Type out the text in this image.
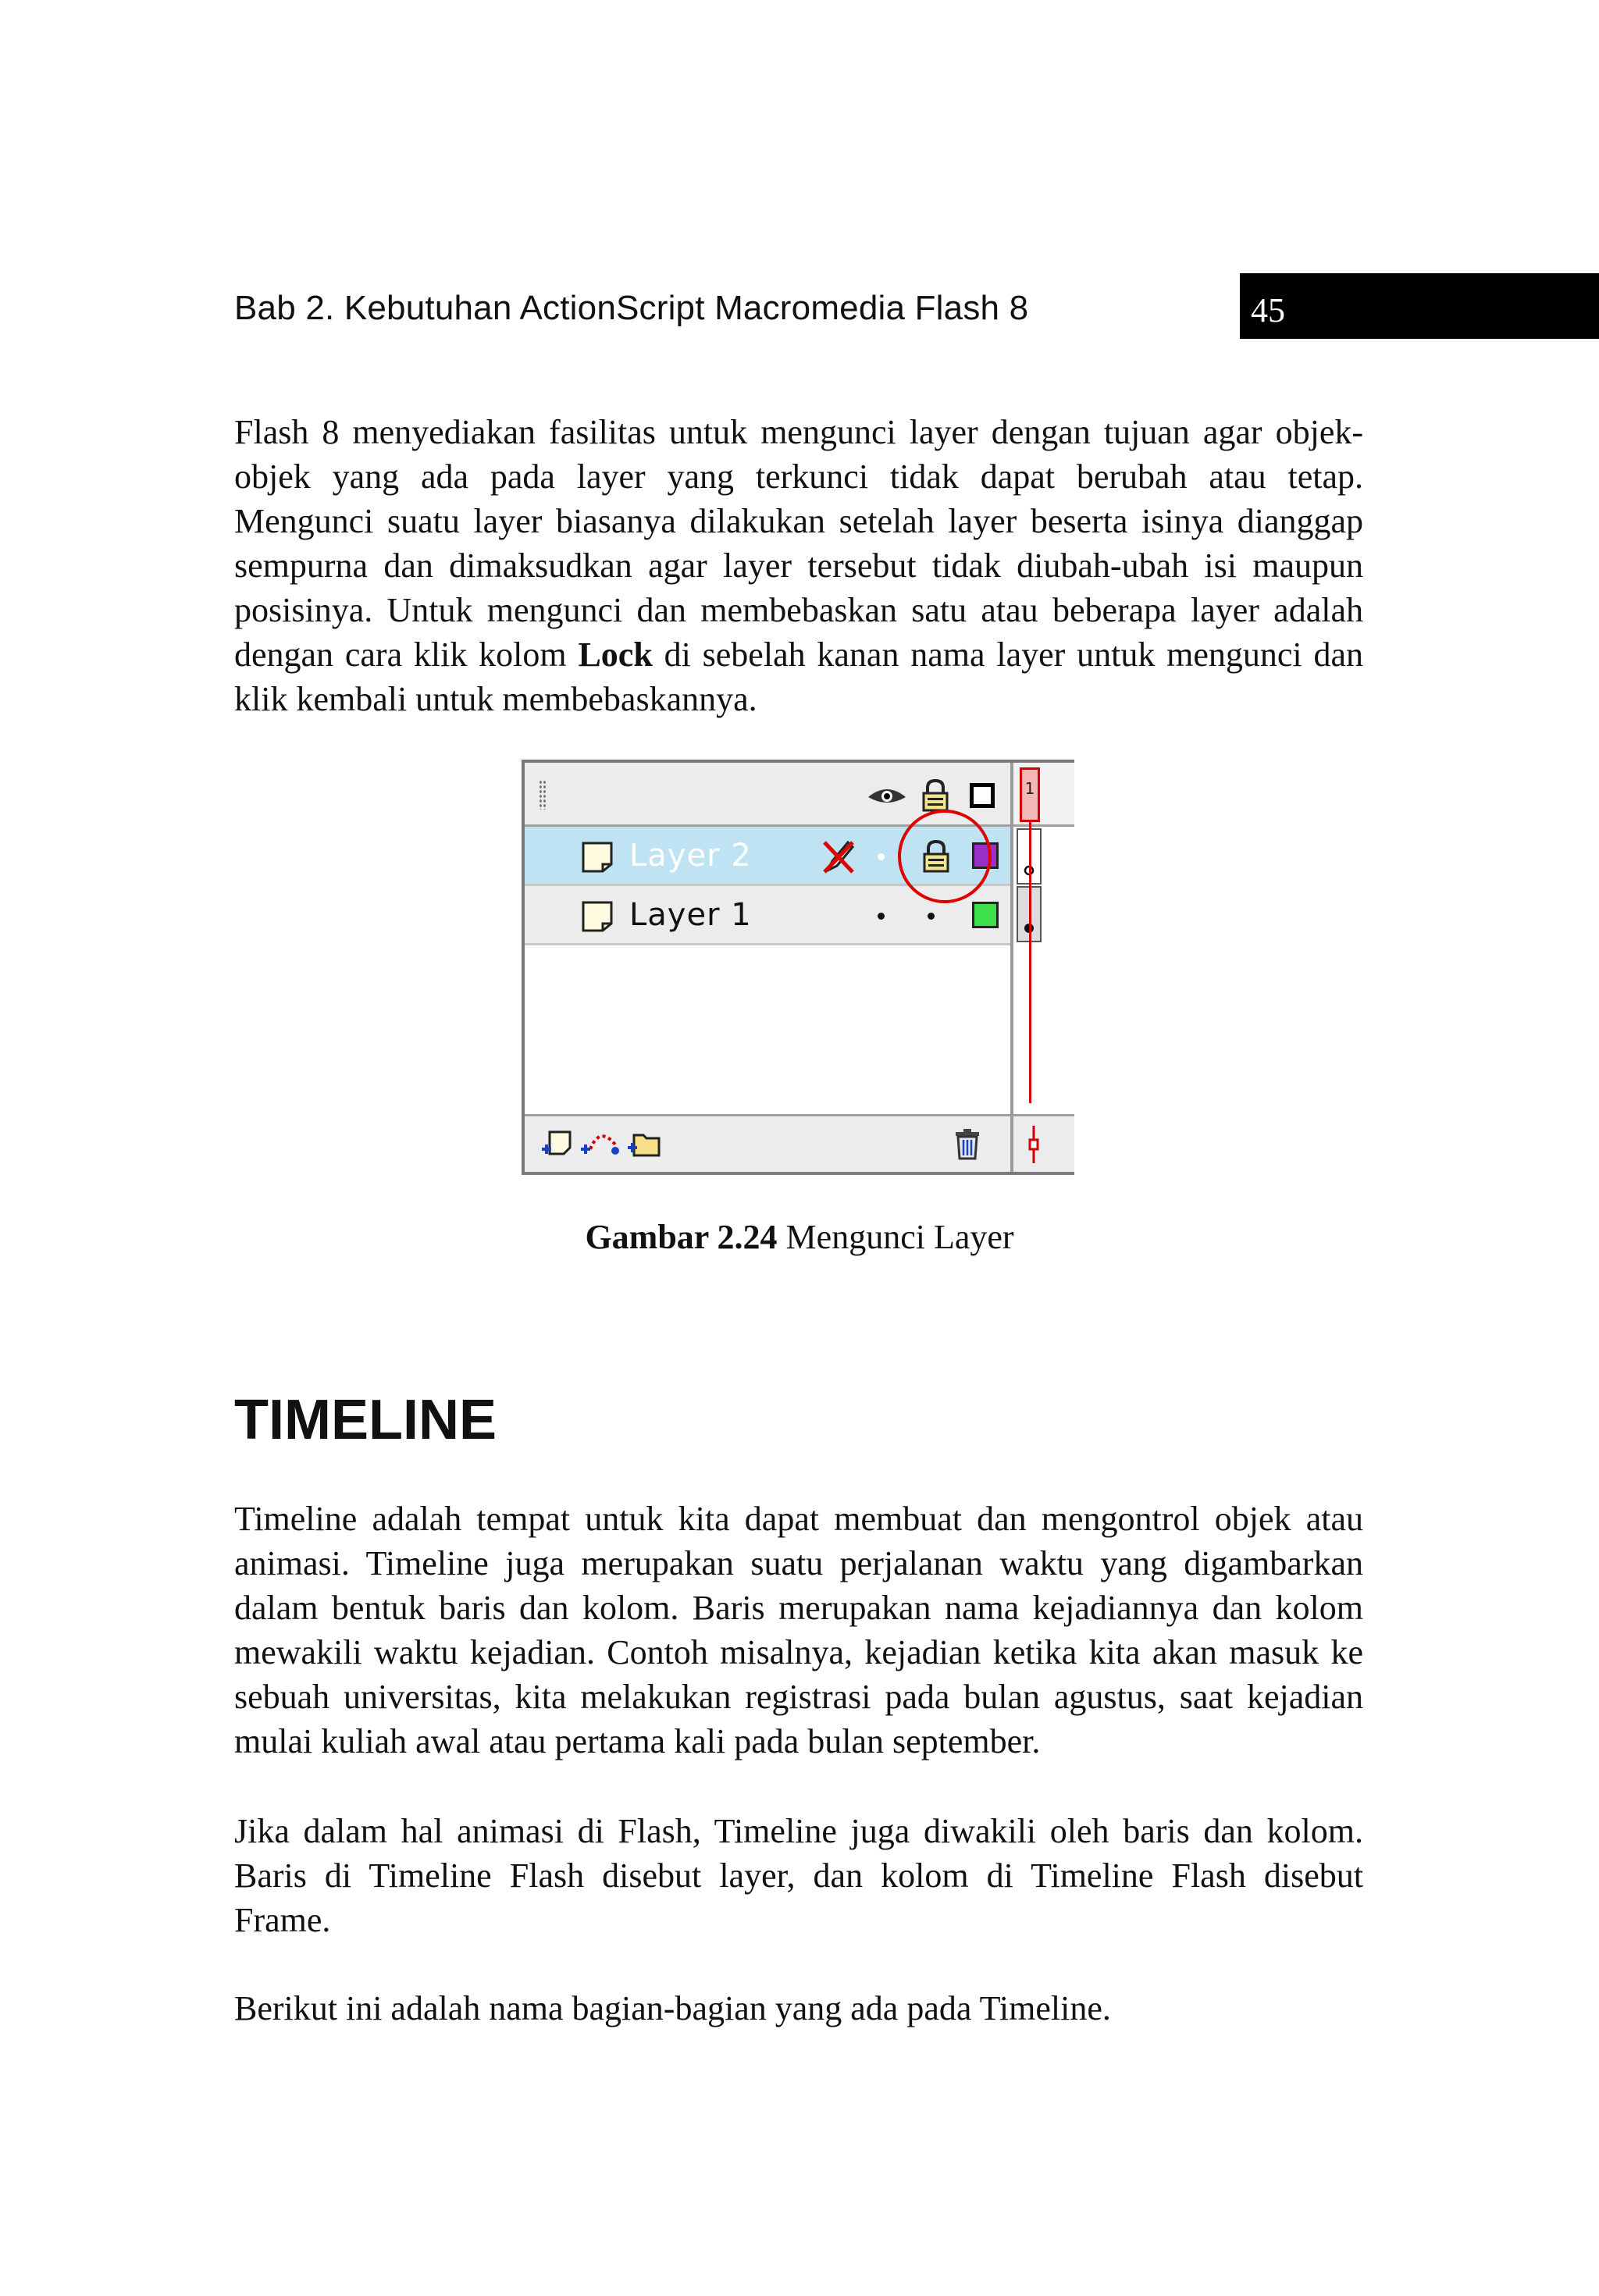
Bab 2. Kebutuhan ActionScript Macromedia Flash 8	45

Flash 8 menyediakan fasilitas untuk mengunci layer dengan tujuan agar objek-objek yang ada pada layer yang terkunci tidak dapat berubah atau tetap. Mengunci suatu layer biasanya dilakukan setelah layer beserta isinya dianggap sempurna dan dimaksudkan agar layer tersebut tidak diubah-ubah isi maupun posisinya. Untuk mengunci dan membebaskan satu atau beberapa layer adalah dengan cara klik kolom Lock di sebelah kanan nama layer untuk mengunci dan klik kembali untuk membebaskannya.

Layer 2
Layer 1
1
Gambar 2.24 Mengunci Layer
TIMELINE

Timeline adalah tempat untuk kita dapat membuat dan mengontrol objek atau animasi. Timeline juga merupakan suatu perjalanan waktu yang digambarkan dalam bentuk baris dan kolom. Baris merupakan nama kejadiannya dan kolom mewakili waktu kejadian. Contoh misalnya, kejadian ketika kita akan masuk ke sebuah universitas, kita melakukan registrasi pada bulan agustus, saat kejadian mulai kuliah awal atau pertama kali pada bulan september.

Jika dalam hal animasi di Flash, Timeline juga diwakili oleh baris dan kolom. Baris di Timeline Flash disebut layer, dan kolom di Timeline Flash disebut Frame.

Berikut ini adalah nama bagian-bagian yang ada pada Timeline.
